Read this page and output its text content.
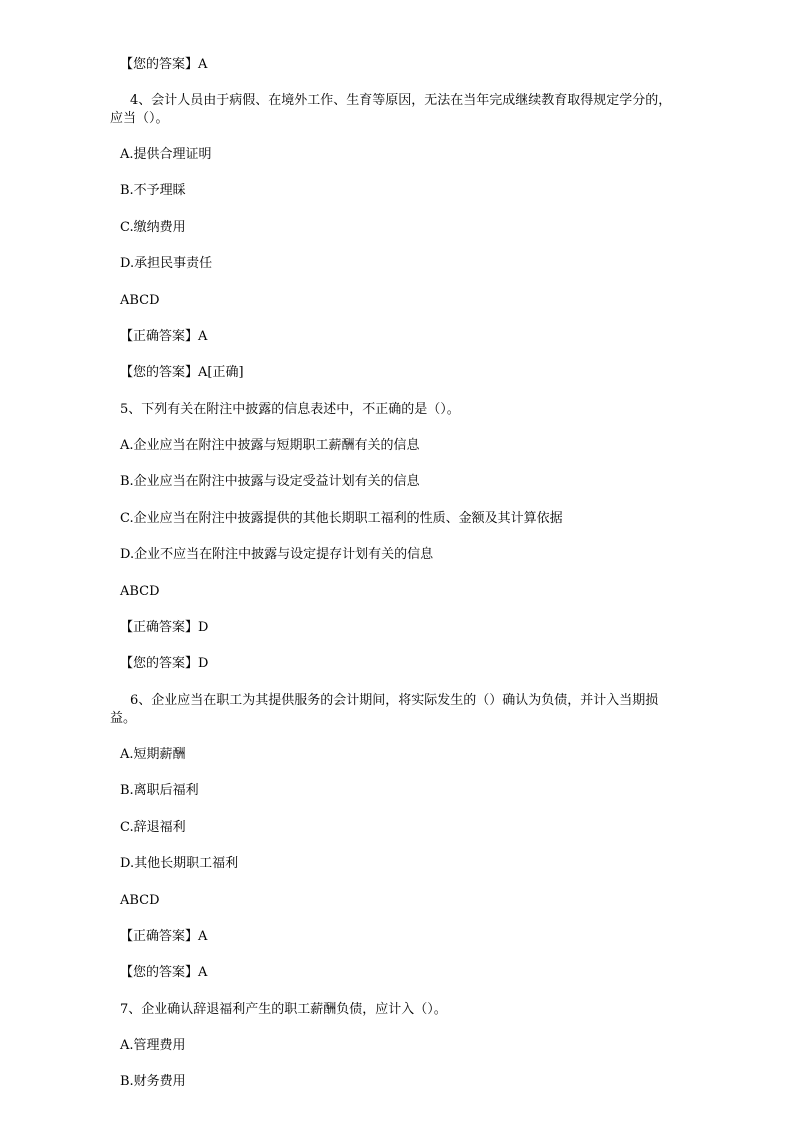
【您的答案】A
4、会计人员由于病假、在境外工作、生育等原因，无法在当年完成继续教育取得规定学分的，
应当（）。
A.提供合理证明
B.不予理睬
C.缴纳费用
D.承担民事责任
ABCD
【正确答案】A
【您的答案】A[正确]
5、下列有关在附注中披露的信息表述中，不正确的是（）。
A.企业应当在附注中披露与短期职工薪酬有关的信息
B.企业应当在附注中披露与设定受益计划有关的信息
C.企业应当在附注中披露提供的其他长期职工福利的性质、金额及其计算依据
D.企业不应当在附注中披露与设定提存计划有关的信息
ABCD
【正确答案】D
【您的答案】D
6、企业应当在职工为其提供服务的会计期间，将实际发生的（）确认为负债，并计入当期损
益。
A.短期薪酬
B.离职后福利
C.辞退福利
D.其他长期职工福利
ABCD
【正确答案】A
【您的答案】A
7、企业确认辞退福利产生的职工薪酬负债，应计入（）。
A.管理费用
B.财务费用
